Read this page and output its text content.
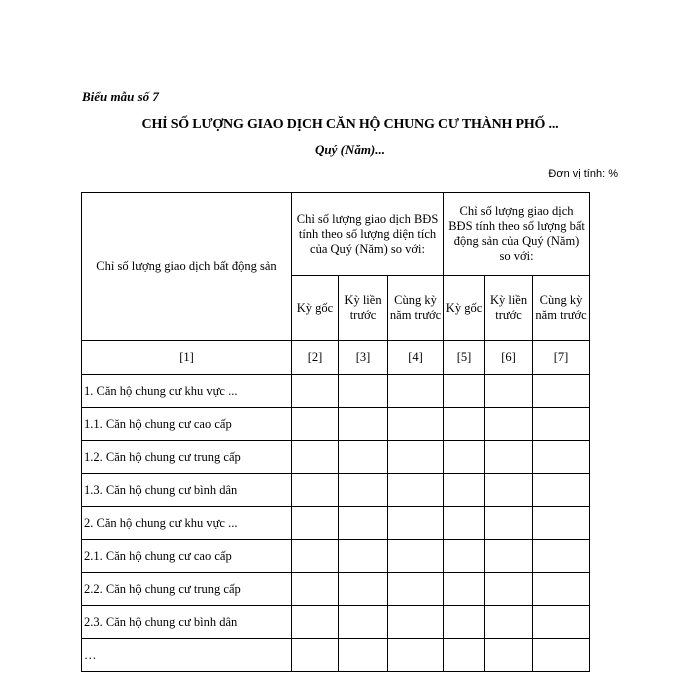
Biểu mẫu số 7
CHỈ SỐ LƯỢNG GIAO DỊCH CĂN HỘ CHUNG CƯ THÀNH PHỐ ...
Quý (Năm)...
Đơn vị tính: %
Chỉ số lượng giao dịch bất động sản	Chỉ số lượng giao dịch BĐS tính theo số lượng diện tích của Quý (Năm) so với:			Chỉ số lượng giao dịch BĐS tính theo số lượng bất động sản của Quý (Năm) so với:		
	Kỳ gốc	Kỳ liền trước	Cùng kỳ năm trước	Kỳ gốc	Kỳ liền trước	Cùng kỳ năm trước
[1]	[2]	[3]	[4]	[5]	[6]	[7]
1. Căn hộ chung cư khu vực ...						
1.1. Căn hộ chung cư cao cấp						
1.2. Căn hộ chung cư trung cấp						
1.3. Căn hộ chung cư bình dân						
2. Căn hộ chung cư khu vực ...						
2.1. Căn hộ chung cư cao cấp						
2.2. Căn hộ chung cư trung cấp						
2.3. Căn hộ chung cư bình dân						
…						
